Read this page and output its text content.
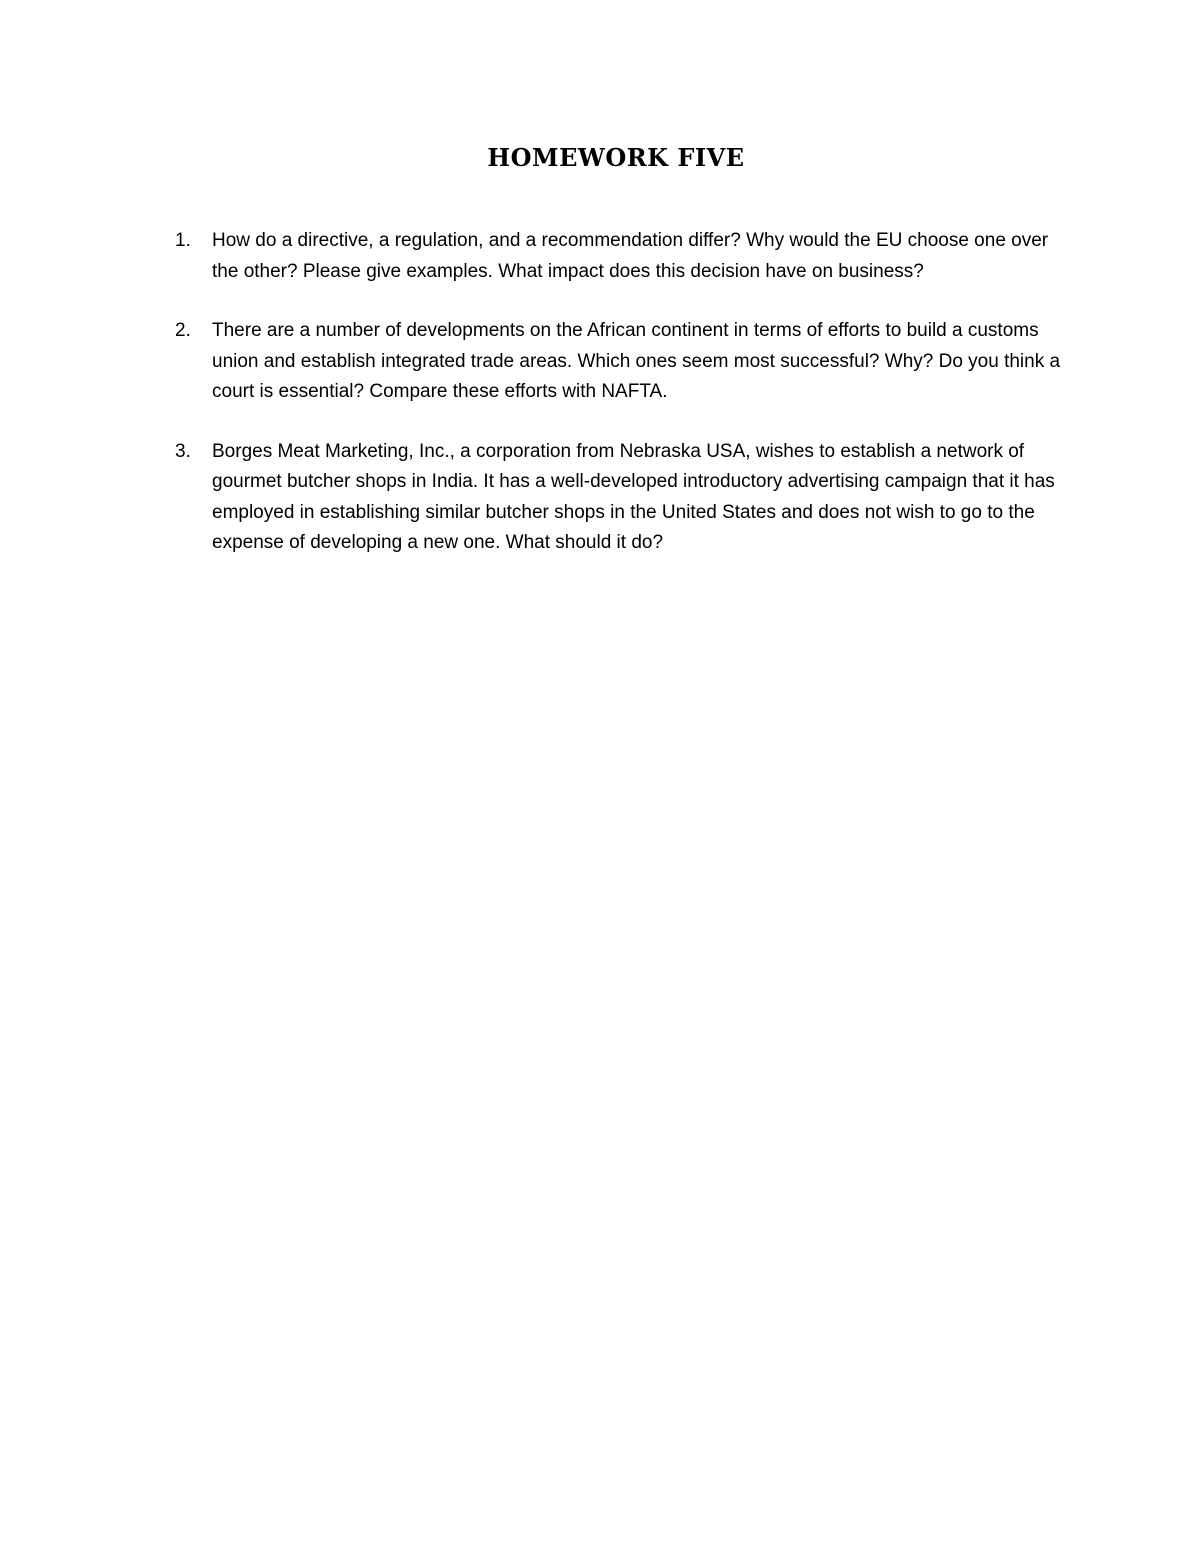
HOMEWORK FIVE
1. How do a directive, a regulation, and a recommendation differ? Why would the EU choose one over the other? Please give examples. What impact does this decision have on business?
2. There are a number of developments on the African continent in terms of efforts to build a customs union and establish integrated trade areas. Which ones seem most successful? Why? Do you think a court is essential? Compare these efforts with NAFTA.
3. Borges Meat Marketing, Inc., a corporation from Nebraska USA, wishes to establish a network of gourmet butcher shops in India. It has a well-developed introductory advertising campaign that it has employed in establishing similar butcher shops in the United States and does not wish to go to the expense of developing a new one. What should it do?
